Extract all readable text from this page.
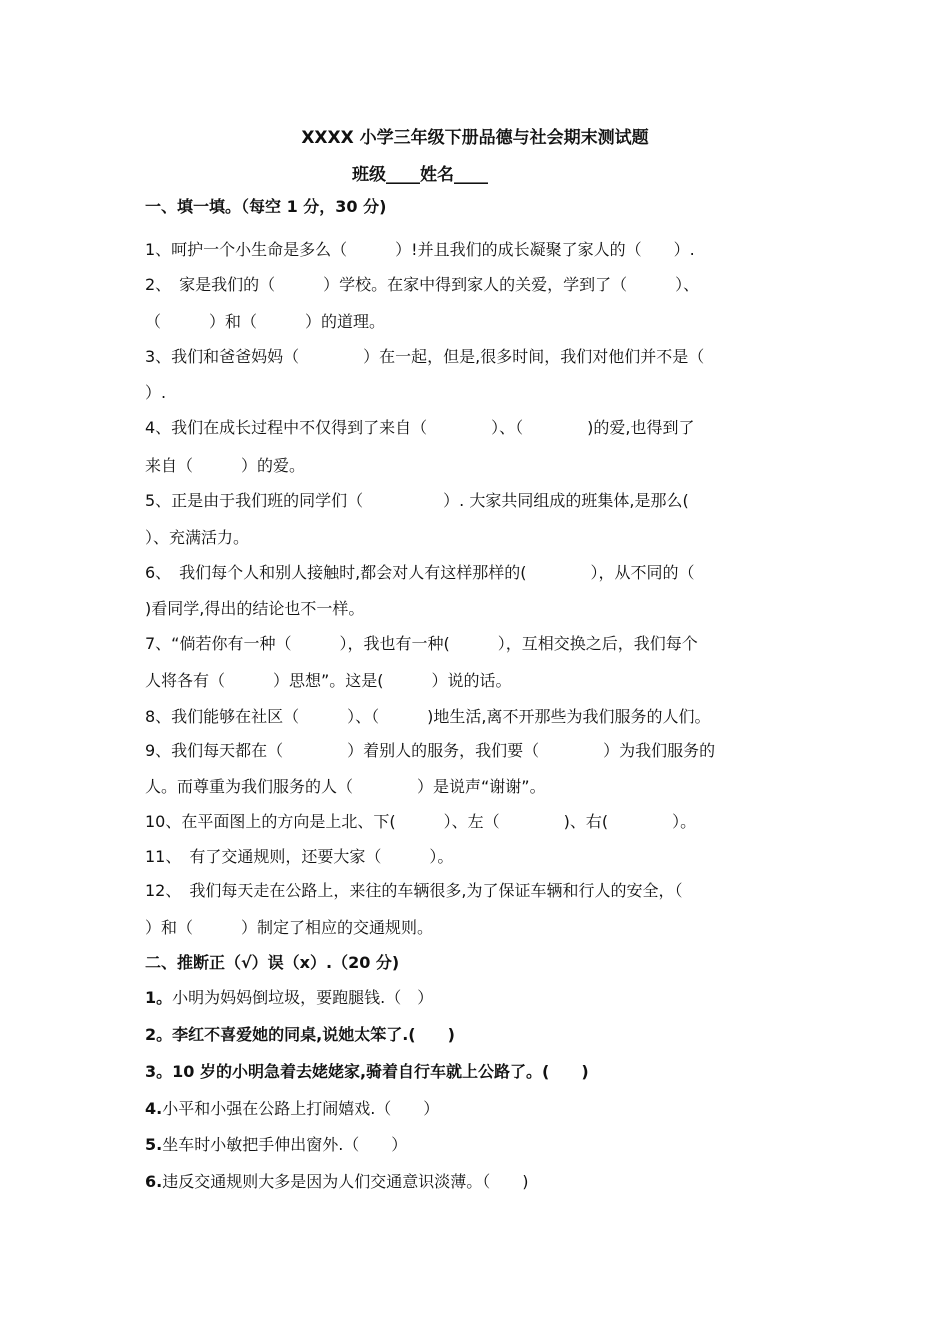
XXXX 小学三年级下册品德与社会期末测试题
班级____姓名____
一、填一填。（每空 1 分，30 分)
1、呵护一个小生命是多么（　　　）!并且我们的成长凝聚了家人的（　　）.
2、　家是我们的（　　　）学校。在家中得到家人的关爱，学到了（　　　）、
（　　　）和（　　　）的道理。
3、我们和爸爸妈妈（　　　　）在一起，但是,很多时间，我们对他们并不是（
）.
4、我们在成长过程中不仅得到了来自（　　　　）、（　　　　)的爱,也得到了
来自（　　　）的爱。
5、正是由于我们班的同学们（　　　　　）. 大家共同组成的班集体,是那么(
）、充满活力。
6、　我们每个人和别人接触时,都会对人有这样那样的(　　　　），从不同的（
)看同学,得出的结论也不一样。
7、“倘若你有一种（　　　），我也有一种(　　　），互相交换之后，我们每个
人将各有（　　　）思想”。这是(　　　）说的话。
8、我们能够在社区（　　　）、（　　　)地生活,离不开那些为我们服务的人们。
9、我们每天都在（　　　　）着别人的服务，我们要（　　　　）为我们服务的
人。而尊重为我们服务的人（　　　　）是说声“谢谢”。
10、在平面图上的方向是上北、下(　　　）、左（　　　　)、右(　　　　）。
11、　有了交通规则，还要大家（　　　）。
12、　我们每天走在公路上，来往的车辆很多,为了保证车辆和行人的安全，（
）和（　　　）制定了相应的交通规则。
二、推断正（√）误（x）.（20 分)
1。小明为妈妈倒垃圾，要跑腿钱.（　）
2。李红不喜爱她的同桌,说她太笨了.(　　)
3。10 岁的小明急着去姥姥家,骑着自行车就上公路了。(　　)
4.小平和小强在公路上打闹嬉戏.（　　）
5.坐车时小敏把手伸出窗外.（　　）
6.违反交通规则大多是因为人们交通意识淡薄。（　　)
